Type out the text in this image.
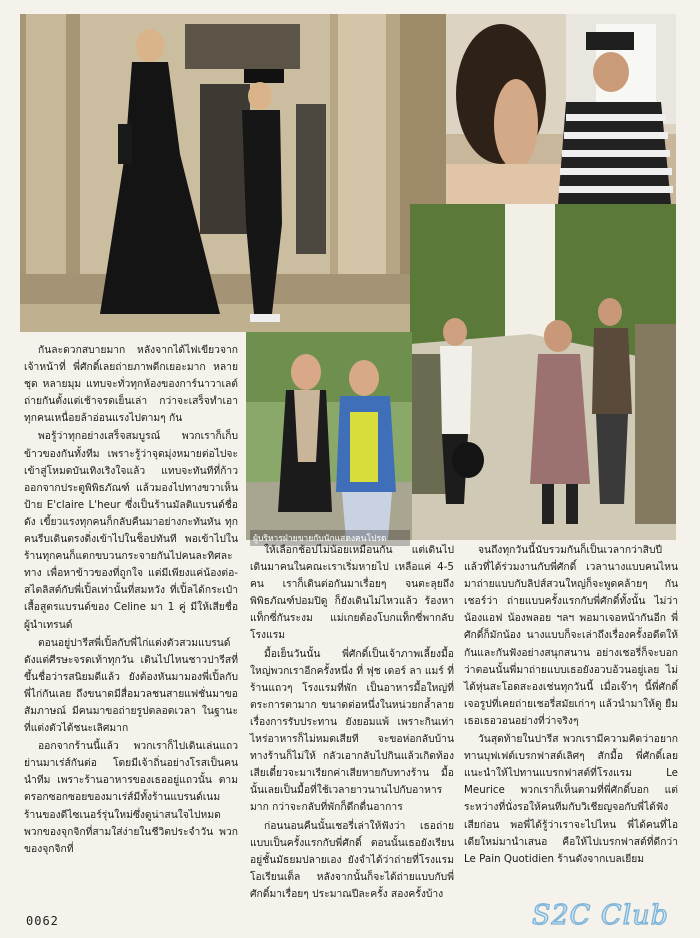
ผู้บริหารฝ่ายขายกับนักแสดงคนโปรด

กันละดวกสบายมาก หลังจากได้ไฟเขียวจากเจ้าหน้าที่ พี่ศักดิ์เลยถ่ายภาพดีกเยอะมาก หลายชุด หลายมุม แทบจะทั่วทุกห้องของการ์นาวาเลต์ ถ่ายกันตั้งแต่เช้าจรดเย็นเล่า กว่าจะเสร็จทำเอาทุกคนเหนื่อยล้าอ่อนแรงไปตามๆ กัน

พอรู้ว่าทุกอย่างเสร็จสมบูรณ์ พวกเราก็เก็บข้าวของกันทั้งทีม เพราะรู้ว่าจุดมุ่งหมายต่อไปจะเข้าสู่โหมดบันเทิงเริงใจแล้ว แทบจะทันทีที่ก้าวออกจากประตูพิพิธภัณฑ์ แล้วมองไปทางขวาเห็นป้าย E'claire L'heur ซึ่งเป็นร้านมัลติแบรนด์ชื่อดัง เขี้ยวแรงทุกคนก็กลับคืนมาอย่างกะทันหัน ทุกคนรีบเดินตรงดิ่งเข้าไปในช็อปทันที พอเข้าไปในร้านทุกคนก็แตกขบวนกระจายกันไปคนละทิศละทาง เพื่อหาข้าวของที่ถูกใจ แต่มีเพียงแค่น้องต่อ-สไตลิสต์กับพี่เปิ้ลเท่านั้นที่สมหวัง ที่เปิ้ลได้กระเป๋าเสื้อสูตรแบรนด์ของ Celine มา 1 คู่ มีให้เสียชื่อผู้นำเทรนด์

ตอนอยู่ปารีสพี่เปิ้ลกับพี่ไก่แต่งตัวสวมแบรนด์ดังแต่ศีรษะจรดเท้าทุกวัน เดินไปไหนชาวปารีสที่ขึ้นชื่อว่ารสนิยมดีแล้ว ยังต้องหันมามองพี่เปิ้ลกับพี่ไก่กันเลย ถึงขนาดมีสื่อมวลชนสายแฟชั่นมาขอสัมภาษณ์ มีคนมาขอถ่ายรูปตลอดเวลา ในฐานะที่แต่งตัวได้ชนะเลิศมาก

ออกจากร้านนี้แล้ว พวกเราก็ไปเดินเล่นแถวย่านมาเร่ส์กันต่อ โดยมีเจ้าถิ่นอย่างโรสเป็นคนนำทีม เพราะร้านอาหารของเธออยู่แถวนั้น ตามตรอกซอกซอยของมาเร่ส์มีทั้งร้านแบรนด์เนม ร้านของดีไซเนอร์รุ่นใหม่ซึ่งดูน่าสนใจไปหมด พวกของจุกจิกที่สามใส่ง่ายในชีวิตประจำวัน พวกของจุกจิกที่

ให้เลือกช้อปไม่น้อยเหมือนกัน แต่เดินไปเดินมาคนในคณะเราเริ่มหายไป เหลือแค่ 4-5 คน เราก็เดินต่อกันมาเรื่อยๆ จนตะลุยถึงพิพิธภัณฑ์ปอมปิดู ก็ยังเดินไม่ไหวแล้ว ร้องหาแท็กซี่กันระงม แม่เกยต้องโบกแท็กซี่พากลับโรงแรม

มื้อเย็นวันนั้น พี่ศักดิ์เป็นเจ้าภาพเลี้ยงมื้อใหญ่พวกเราอีกครั้งหนึ่ง ที่ ฟุช เดอร์ ลา แมร์ ที่ร้านแถวๆ โรงแรมที่พัก เป็นอาหารมื้อใหญ่ที่ตระการตามาก ขนาดต่อหนึ่งในหน่วยกล้ำลายเรื่องการรับประทาน ยังยอมแพ้ เพราะกินเท่าไหร่อาหารก็ไม่หมดเสียที จะขอห่อกลับบ้านทางร้านก็ไม่ให้ กลัวเอากลับไปกินแล้วเกิดท้องเสียเดี๋ยวจะมาเรียกค่าเสียหายกับทางร้าน มื้อนั้นเลยเป็นมื้อที่ใช้เวลายาวนานไปกับอาหารมาก กว่าจะกลับที่พักก็ดึกดื่นอาการ

ก่อนนอนคืนนั้นเชอรี่เล่าให้ฟังว่า เธอถ่ายแบบเป็นครั้งแรกกับพี่ศักดิ์ ตอนนั้นเธอยังเรียนอยู่ชั้นมัธยมปลายเอง ยังจำได้ว่าถ่ายที่โรงแรมโอเรียนเต็ล หลังจากนั้นก็จะได้ถ่ายแบบกับพี่ศักดิ์มาเรื่อยๆ ประมาณปีละครั้ง สองครั้งบ้าง

จนถึงทุกวันนี้นับรวมกันก็เป็นเวลากว่าสิบปีแล้วที่ได้ร่วมงานกับพี่ศักดิ์ เวลานางแบบคนไหนมาถ่ายแบบกับลิปส์สวนใหญ่ก็จะพูดคล้ายๆ กันเชอร์ว่า ถ่ายแบบครั้งแรกกับพี่ศักดิ์ทั้งนั้น ไม่ว่าน้องแอฟ น้องพลอย ฯลฯ พอมาเจอหน้ากันอีก พี่ศักดิ์ก็มักน้อง นางแบบก็จะเล่าถึงเรื่องครั้งอดีตให้กันและกันฟังอย่างสนุกสนาน อย่างเชอรี่ก็จะบอกว่าตอนนั้นพี่มาถ่ายแบบเธอยังอวบอ้วนอยู่เลย ไม่ได้หุ่นสะโอดสะองเช่นทุกวันนี้ เมื่อเจ๊าๆ นี้พี่ศักดิ์เจอรูปที่เคยถ่ายเชอรี่สมัยเก่าๆ แล้วนำมาให้ดู ยืมเธอเธอวอนอย่างที่ว่าจริงๆ

วันสุดท้ายในปารีส พวกเรามีความคิดว่าอยากทานบุฟเฟต์เบรกฟาสต์เลิศๆ สักมื้อ พี่ศักดิ์เลยแนะนำให้ไปทานแบรกฟาสต์ที่โรงแรม Le Meurice พวกเราก็เห็นตามที่พี่ศักดิ์บอก แต่ระหว่างที่นั่งรอให้คนทีมกับวิเชียญจอกับพี่ได้ฟังเสียก่อน พอพี่ได้รู้ว่าเราจะไปไหน พี่ได้คนที่ไอเดียใหม่มานำเสนอ คือให้ไปเบรกฟาสต์ที่ดีกว่า Le Pain Quotidien ร้านดังจากเบลเยียม

0062	S2C Club
